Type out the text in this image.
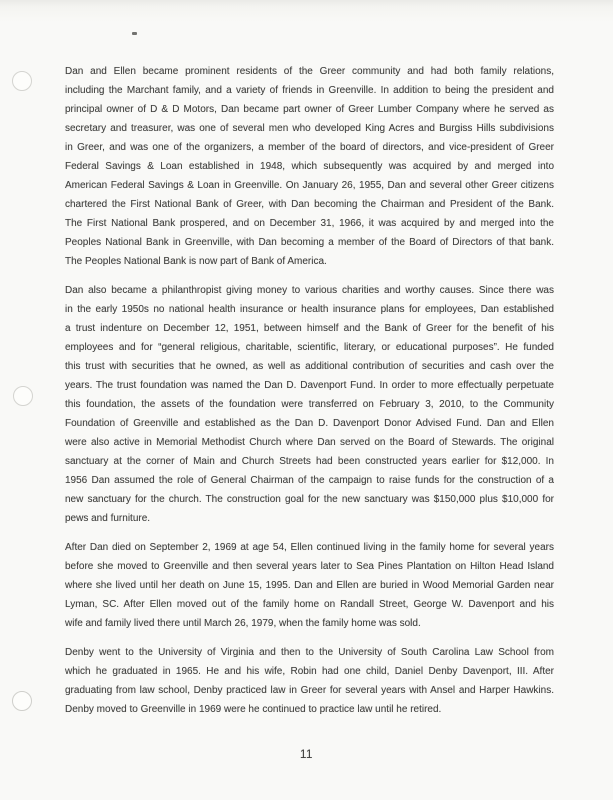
Dan and Ellen became prominent residents of the Greer community and had both family relations,
including the Marchant family, and a variety of friends in Greenville. In addition to being the president and
principal owner of D & D Motors, Dan became part owner of Greer Lumber Company where he served as
secretary and treasurer, was one of several men who developed King Acres and Burgiss Hills subdivisions
in Greer, and was one of the organizers, a member of the board of directors, and vice-president of Greer
Federal Savings & Loan established in 1948, which subsequently was acquired by and merged into
American Federal Savings & Loan in Greenville. On January 26, 1955, Dan and several other Greer citizens
chartered the First National Bank of Greer, with Dan becoming the Chairman and President of the Bank.
The First National Bank prospered, and on December 31, 1966, it was acquired by and merged into the
Peoples National Bank in Greenville, with Dan becoming a member of the Board of Directors of that bank.
The Peoples National Bank is now part of Bank of America.

Dan also became a philanthropist giving money to various charities and worthy causes. Since there was
in the early 1950s no national health insurance or health insurance plans for employees, Dan established
a trust indenture on December 12, 1951, between himself and the Bank of Greer for the benefit of his
employees and for “general religious, charitable, scientific, literary, or educational purposes”. He funded
this trust with securities that he owned, as well as additional contribution of securities and cash over the
years. The trust foundation was named the Dan D. Davenport Fund. In order to more effectually perpetuate
this foundation, the assets of the foundation were transferred on February 3, 2010, to the Community
Foundation of Greenville and established as the Dan D. Davenport Donor Advised Fund. Dan and Ellen
were also active in Memorial Methodist Church where Dan served on the Board of Stewards. The original
sanctuary at the corner of Main and Church Streets had been constructed years earlier for $12,000. In
1956 Dan assumed the role of General Chairman of the campaign to raise funds for the construction of a
new sanctuary for the church. The construction goal for the new sanctuary was $150,000 plus $10,000 for
pews and furniture.

After Dan died on September 2, 1969 at age 54, Ellen continued living in the family home for several years
before she moved to Greenville and then several years later to Sea Pines Plantation on Hilton Head Island
where she lived until her death on June 15, 1995. Dan and Ellen are buried in Wood Memorial Garden near
Lyman, SC. After Ellen moved out of the family home on Randall Street, George W. Davenport and his
wife and family lived there until March 26, 1979, when the family home was sold.

Denby went to the University of Virginia and then to the University of South Carolina Law School from
which he graduated in 1965. He and his wife, Robin had one child, Daniel Denby Davenport, III. After
graduating from law school, Denby practiced law in Greer for several years with Ansel and Harper Hawkins.
Denby moved to Greenville in 1969 were he continued to practice law until he retired.

11
